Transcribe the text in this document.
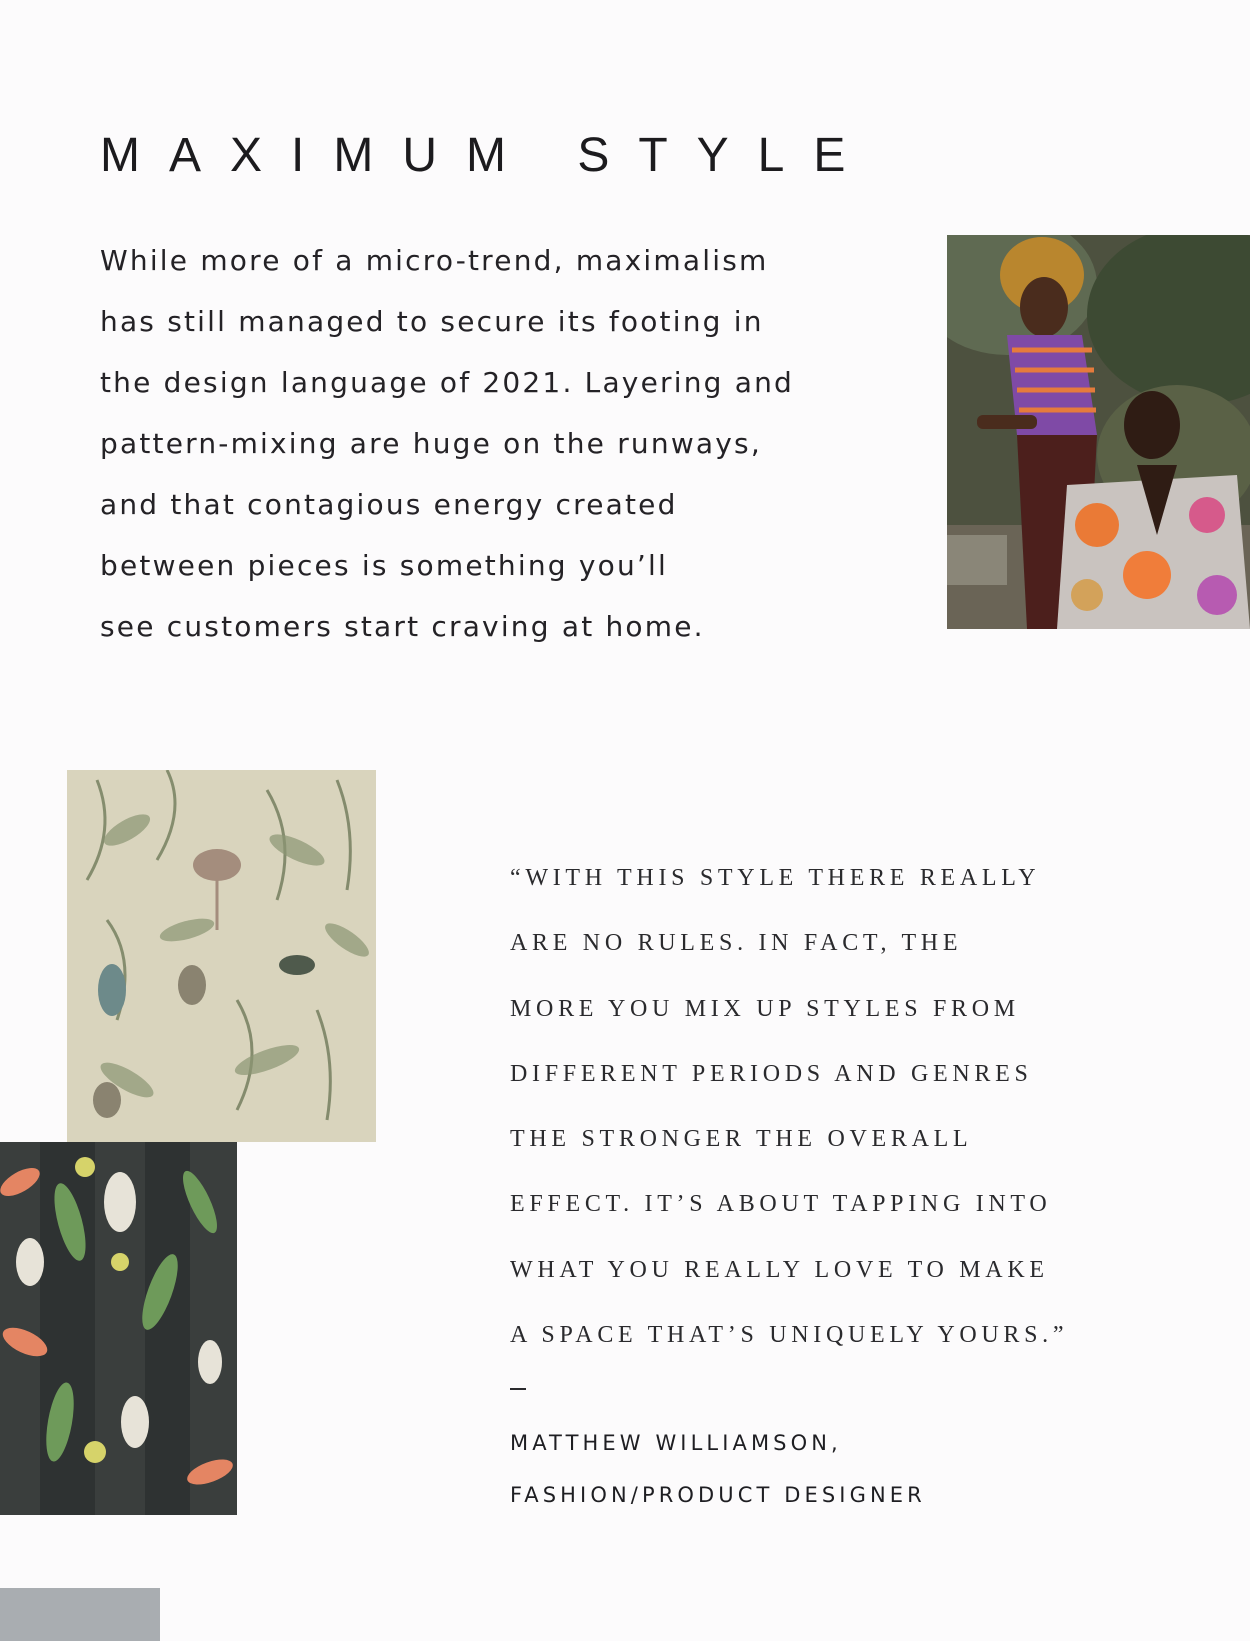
MAXIMUM STYLE
While more of a micro-trend, maximalism
has still managed to secure its footing in
the design language of 2021. Layering and
pattern-mixing are huge on the runways,
and that contagious energy created
between pieces is something you’ll
see customers start craving at home.
“WITH THIS STYLE THERE REALLY
ARE NO RULES. IN FACT, THE
MORE YOU MIX UP STYLES FROM
DIFFERENT PERIODS AND GENRES
THE STRONGER THE OVERALL
EFFECT. IT’S ABOUT TAPPING INTO
WHAT YOU REALLY LOVE TO MAKE
A SPACE THAT’S UNIQUELY YOURS.”
MATTHEW WILLIAMSON,
FASHION/PRODUCT DESIGNER
